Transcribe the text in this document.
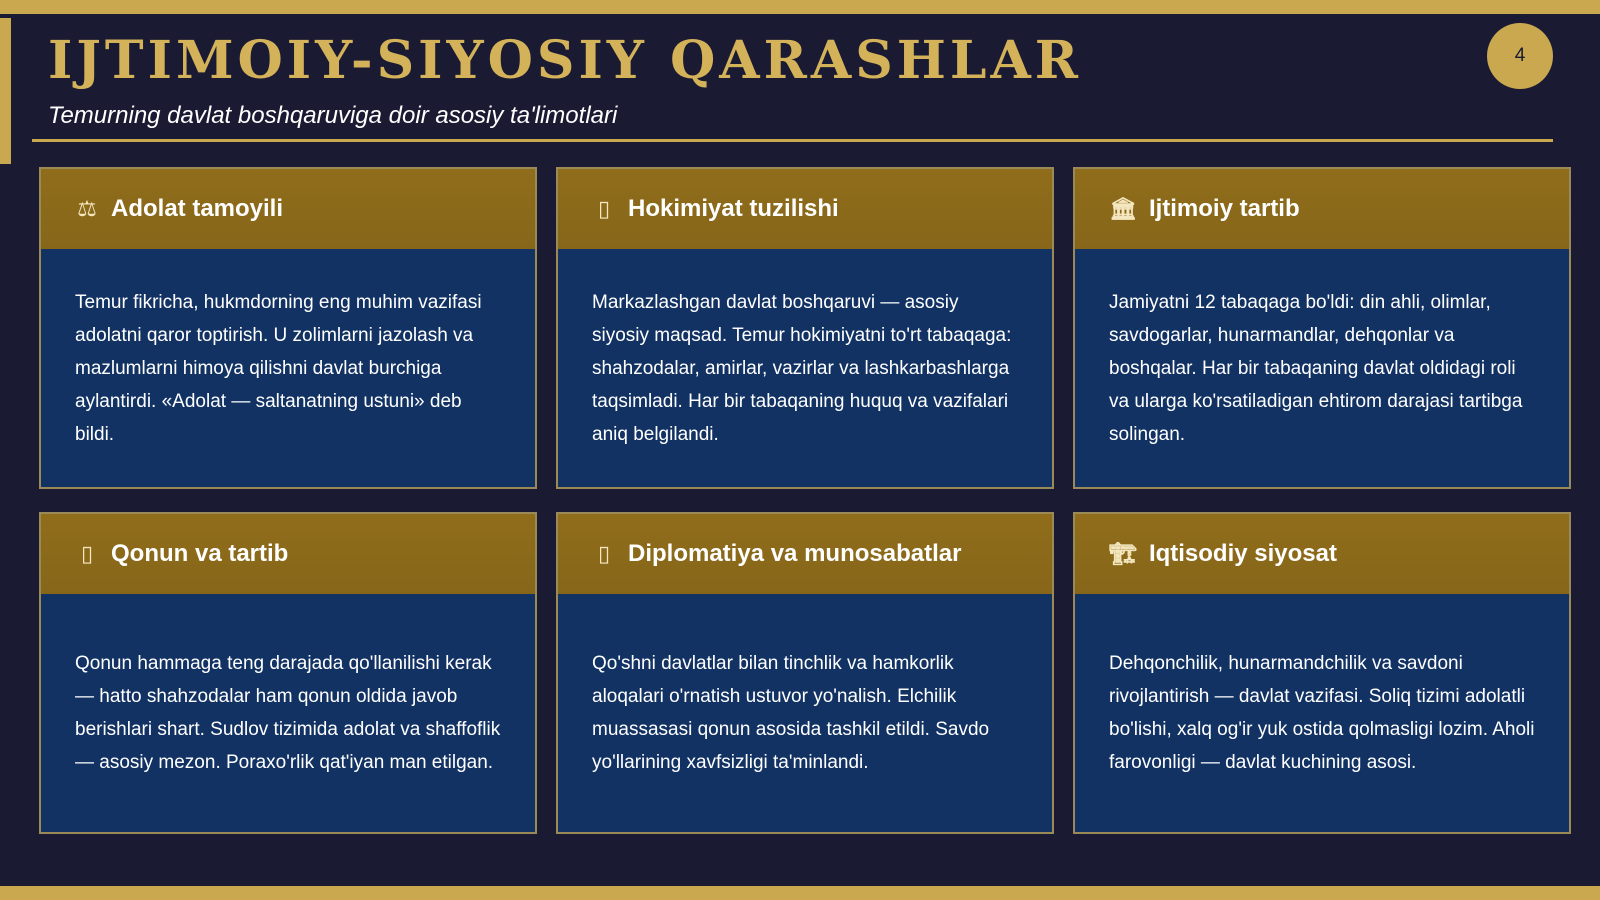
IJTIMOIY-SIYOSIY QARASHLAR
Temurning davlat boshqaruviga doir asosiy ta'limotlari
4
⚖ Adolat tamoyili

Temur fikricha, hukmdorning eng muhim vazifasi adolatni qaror toptirish. U zolimlarni jazolash va mazlumlarni himoya qilishni davlat burchiga aylantirdi. «Adolat — saltanatning ustuni» deb bildi.

▯ Hokimiyat tuzilishi

Markazlashgan davlat boshqaruvi — asosiy siyosiy maqsad. Temur hokimiyatni to'rt tabaqaga: shahzodalar, amirlar, vazirlar va lashkarbashlarga taqsimladi. Har bir tabaqaning huquq va vazifalari aniq belgilandi.

🏛 Ijtimoiy tartib

Jamiyatni 12 tabaqaga bo'ldi: din ahli, olimlar, savdogarlar, hunarmandlar, dehqonlar va boshqalar. Har bir tabaqaning davlat oldidagi roli va ularga ko'rsatiladigan ehtirom darajasi tartibga solingan.

▯ Qonun va tartib

Qonun hammaga teng darajada qo'llanilishi kerak — hatto shahzodalar ham qonun oldida javob berishlari shart. Sudlov tizimida adolat va shaffoflik — asosiy mezon. Poraxo'rlik qat'iyan man etilgan.

▯ Diplomatiya va munosabatlar

Qo'shni davlatlar bilan tinchlik va hamkorlik aloqalari o'rnatish ustuvor yo'nalish. Elchilik muassasasi qonun asosida tashkil etildi. Savdo yo'llarining xavfsizligi ta'minlandi.

🏗 Iqtisodiy siyosat

Dehqonchilik, hunarmandchilik va savdoni rivojlantirish — davlat vazifasi. Soliq tizimi adolatli bo'lishi, xalq og'ir yuk ostida qolmasligi lozim. Aholi farovonligi — davlat kuchining asosi.
